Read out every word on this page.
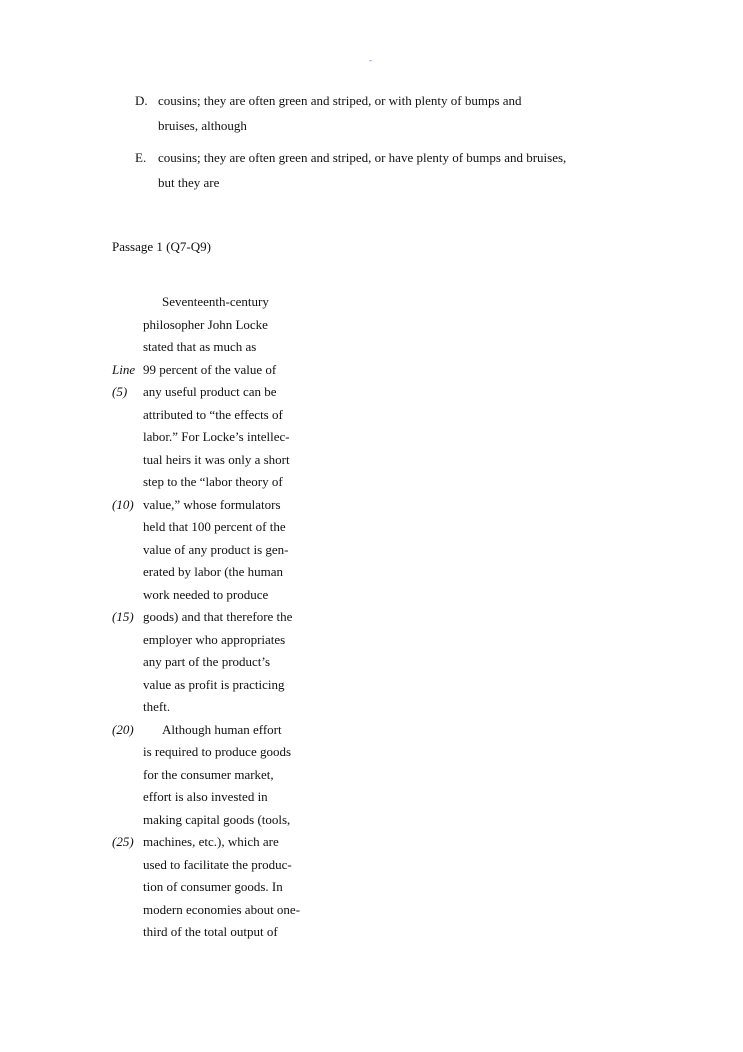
-
D. cousins; they are often green and striped, or with plenty of bumps and
bruises, although
E. cousins; they are often green and striped, or have plenty of bumps and bruises,
but they are
Passage 1 (Q7-Q9)
Seventeenth-century
philosopher John Locke
stated that as much as
Line 99 percent of the value of
(5) any useful product can be
attributed to “the effects of
labor.” For Locke’s intellec-
tual heirs it was only a short
step to the “labor theory of
(10) value,” whose formulators
held that 100 percent of the
value of any product is gen-
erated by labor (the human
work needed to produce
(15) goods) and that therefore the
employer who appropriates
any part of the product’s
value as profit is practicing
theft.
(20) Although human effort
is required to produce goods
for the consumer market,
effort is also invested in
making capital goods (tools,
(25) machines, etc.), which are
used to facilitate the produc-
tion of consumer goods. In
modern economies about one-
third of the total output of
